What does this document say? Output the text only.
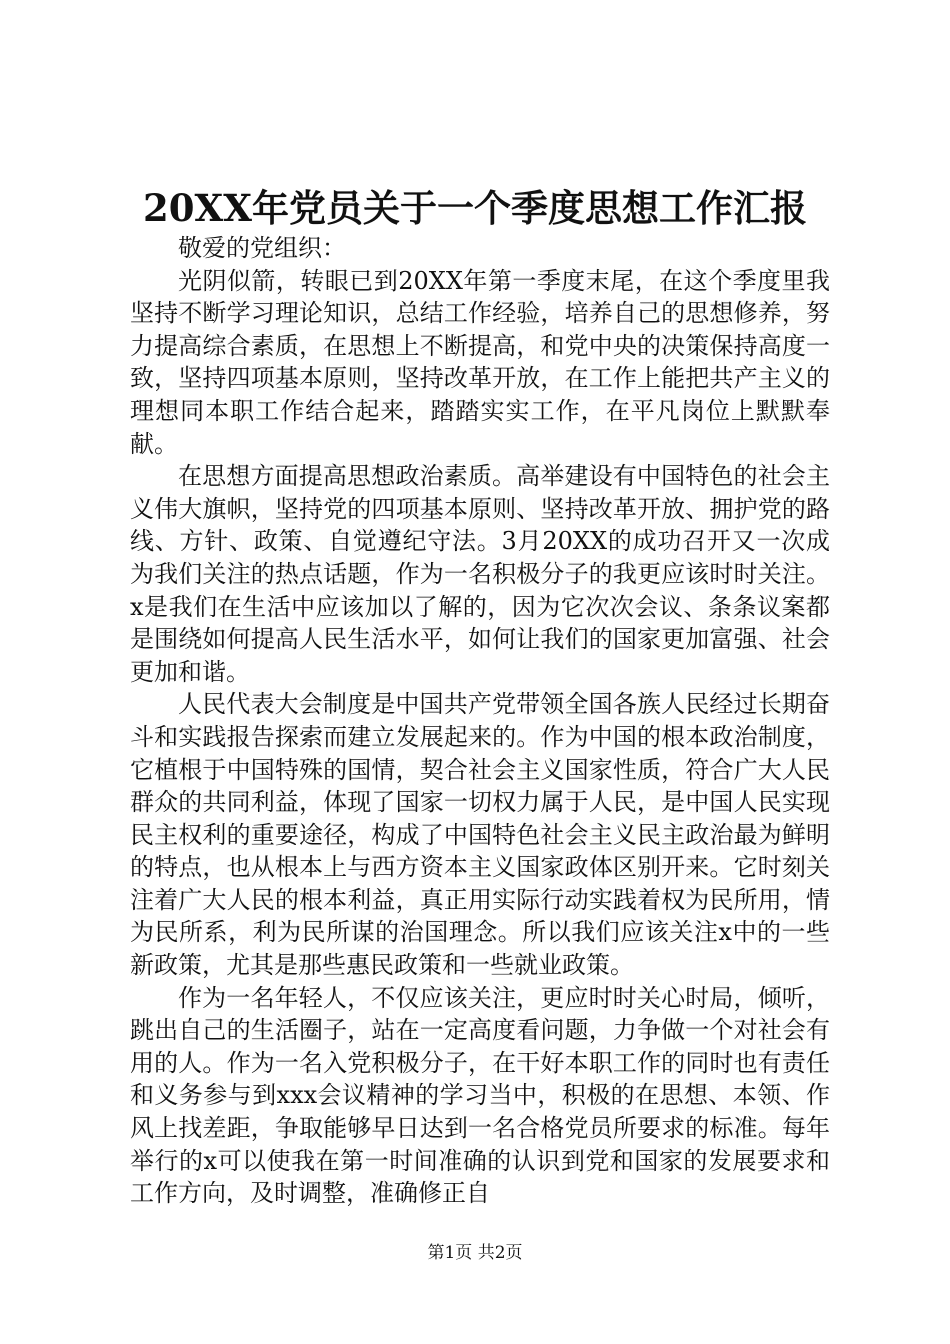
20XX年党员关于一个季度思想工作汇报

敬爱的党组织：

光阴似箭，转眼已到20XX年第一季度末尾，在这个季度里我坚持不断学习理论知识，总结工作经验，培养自己的思想修养，努力提高综合素质，在思想上不断提高，和党中央的决策保持高度一致，坚持四项基本原则，坚持改革开放，在工作上能把共产主义的理想同本职工作结合起来，踏踏实实工作，在平凡岗位上默默奉献。

在思想方面提高思想政治素质。高举建设有中国特色的社会主义伟大旗帜，坚持党的四项基本原则、坚持改革开放、拥护党的路线、方针、政策、自觉遵纪守法。3月20XX的成功召开又一次成为我们关注的热点话题，作为一名积极分子的我更应该时时关注。x是我们在生活中应该加以了解的，因为它次次会议、条条议案都是围绕如何提高人民生活水平，如何让我们的国家更加富强、社会更加和谐。

人民代表大会制度是中国共产党带领全国各族人民经过长期奋斗和实践报告探索而建立发展起来的。作为中国的根本政治制度，它植根于中国特殊的国情，契合社会主义国家性质，符合广大人民群众的共同利益，体现了国家一切权力属于人民，是中国人民实现民主权利的重要途径，构成了中国特色社会主义民主政治最为鲜明的特点，也从根本上与西方资本主义国家政体区别开来。它时刻关注着广大人民的根本利益，真正用实际行动实践着权为民所用，情为民所系，利为民所谋的治国理念。所以我们应该关注x中的一些新政策，尤其是那些惠民政策和一些就业政策。

作为一名年轻人，不仅应该关注，更应时时关心时局，倾听，跳出自己的生活圈子，站在一定高度看问题，力争做一个对社会有用的人。作为一名入党积极分子，在干好本职工作的同时也有责任和义务参与到xxx会议精神的学习当中，积极的在思想、本领、作风上找差距，争取能够早日达到一名合格党员所要求的标准。每年举行的x可以使我在第一时间准确的认识到党和国家的发展要求和工作方向，及时调整，准确修正自

第1页 共2页
